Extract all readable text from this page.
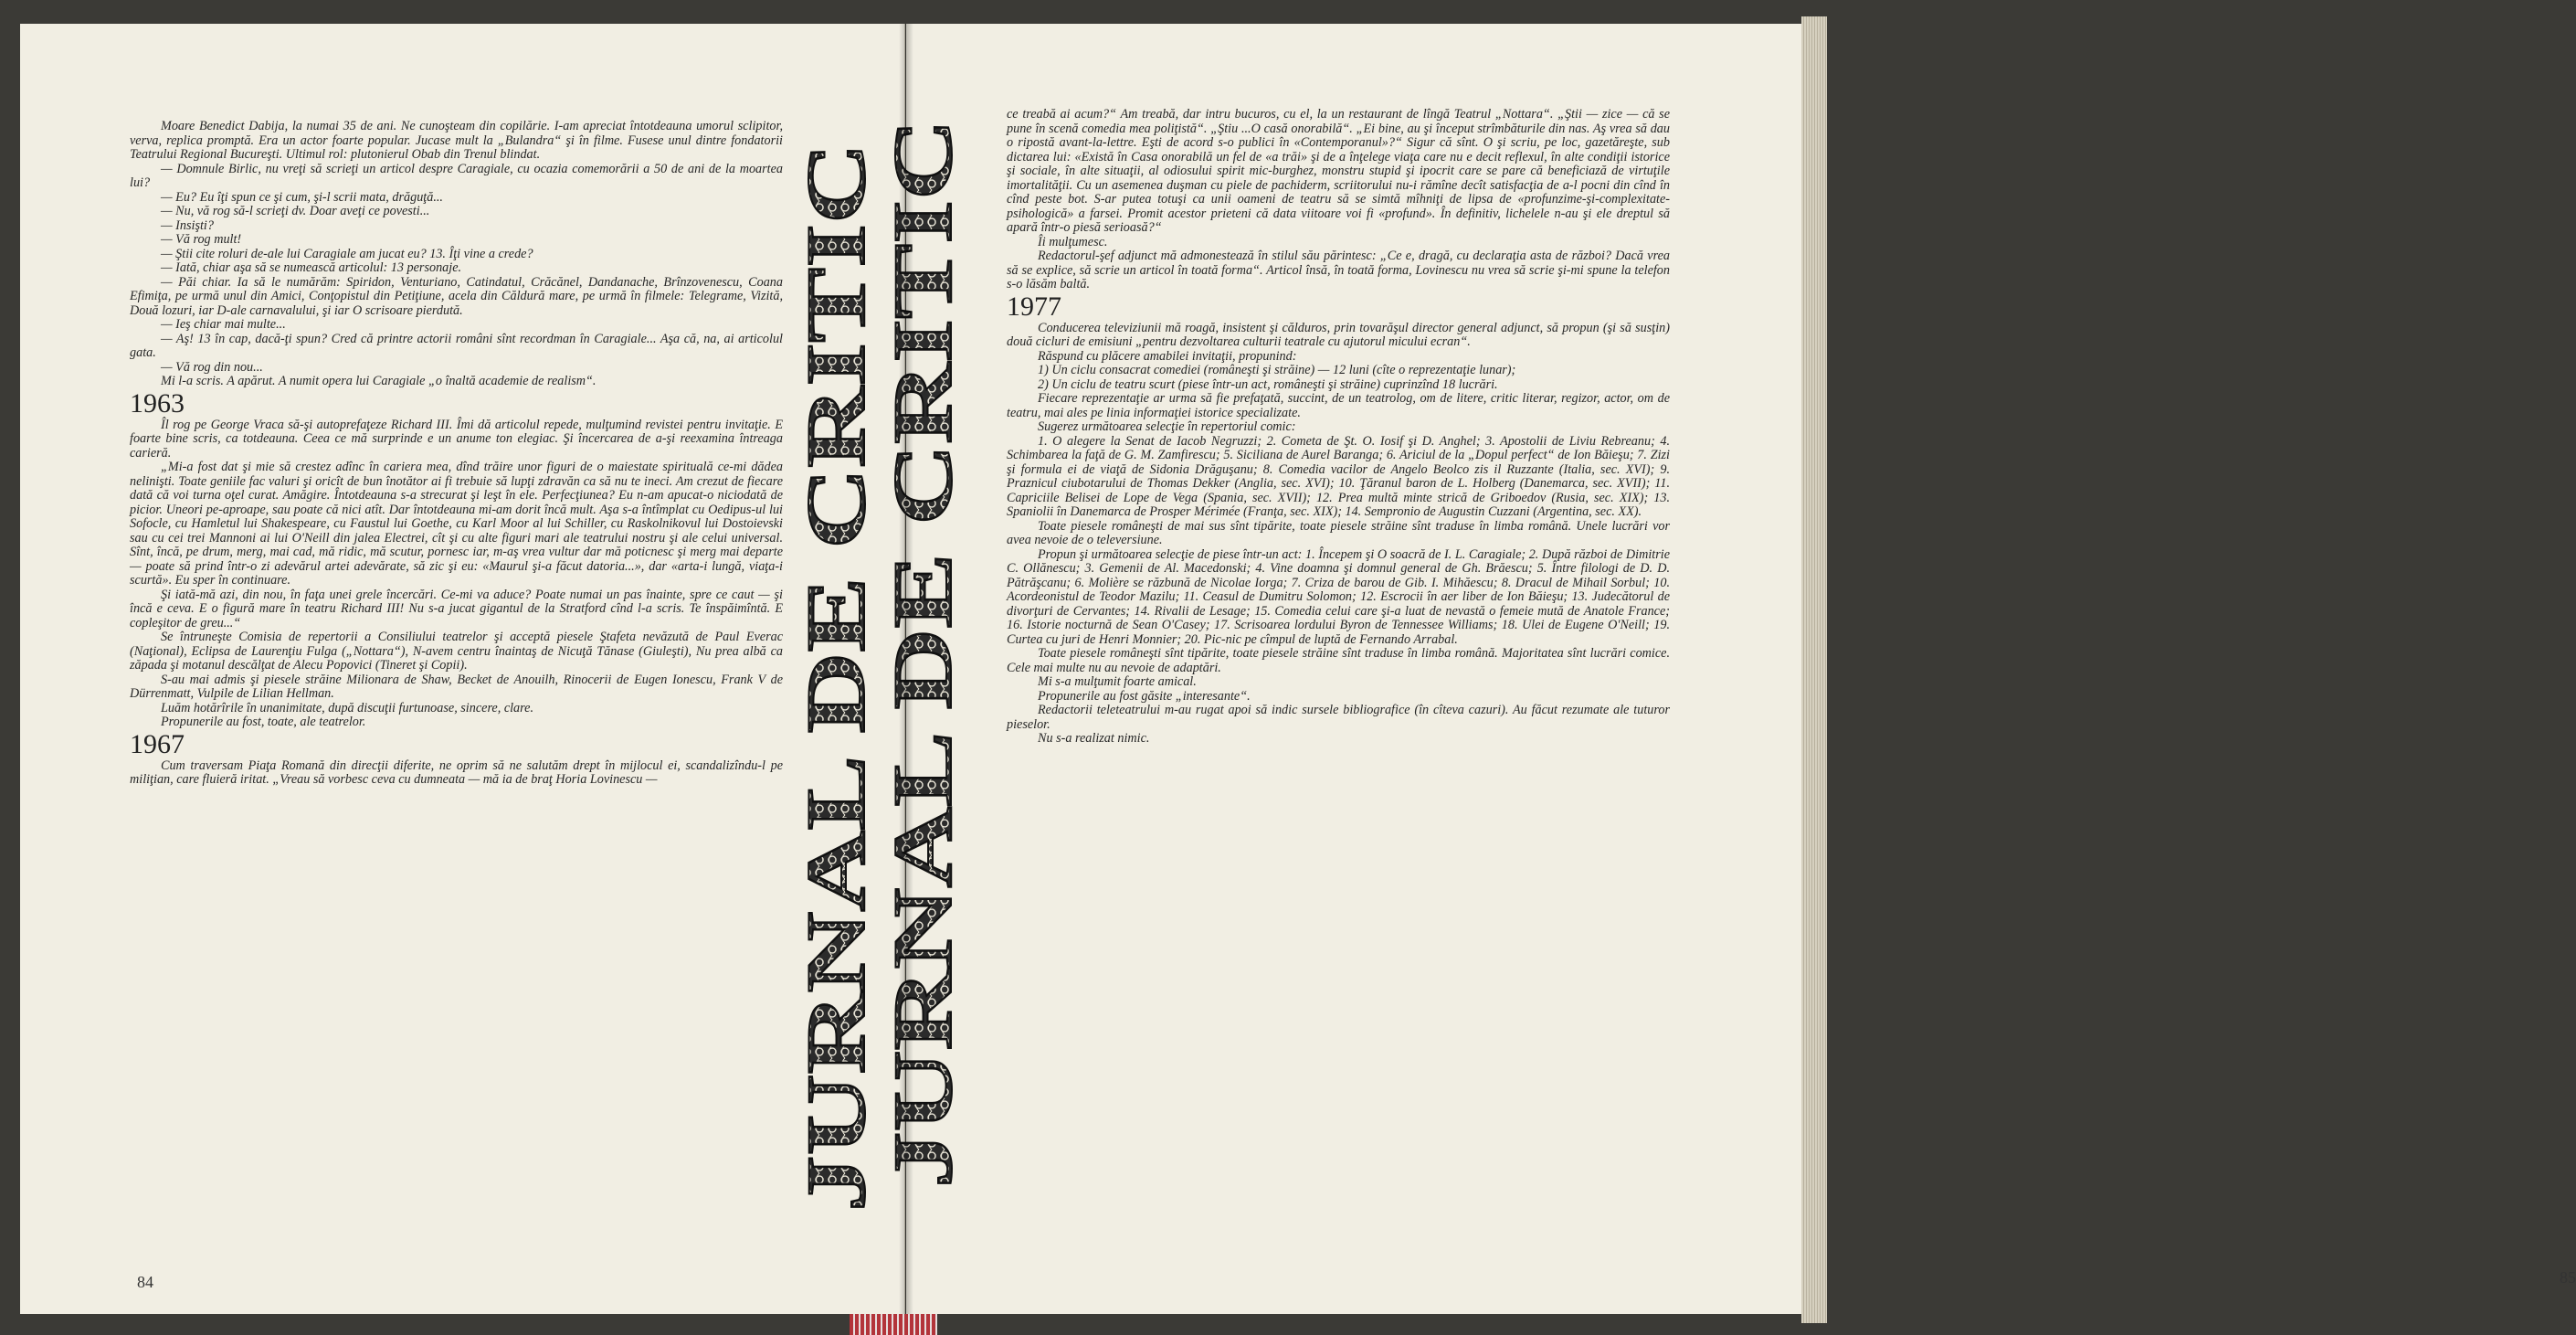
Moare Benedict Dabija, la numai 35 de ani. Ne cunoşteam din copilărie. I-am apreciat întotdeauna umorul sclipitor, verva, replica promptă. Era un actor foarte popular. Jucase mult la „Bulandra“ şi în filme. Fusese unul dintre fondatorii Teatrului Regional Bucureşti. Ultimul rol: plutonierul Obab din Trenul blindat.

— Domnule Birlic, nu vreţi să scrieţi un articol despre Caragiale, cu ocazia comemorării a 50 de ani de la moartea lui?

— Eu? Eu îţi spun ce şi cum, şi-l scrii mata, drăguţă...

— Nu, vă rog să-l scrieţi dv. Doar aveţi ce povesti...

— Insişti?

— Vă rog mult!

— Ştii cite roluri de-ale lui Caragiale am jucat eu? 13. Îţi vine a crede?

— Iată, chiar aşa să se numească articolul: 13 personaje.

— Păi chiar. Ia să le numărăm: Spiridon, Venturiano, Catindatul, Crăcănel, Dandanache, Brînzovenescu, Coana Efimiţa, pe urmă unul din Amici, Conţopistul din Petiţiune, acela din Căldură mare, pe urmă în filmele: Telegrame, Vizită, Două lozuri, iar D-ale carnavalului, şi iar O scrisoare pierdută.

— Ieş chiar mai multe...

— Aş! 13 în cap, dacă-ţi spun? Cred că printre actorii români sînt recordman în Caragiale... Aşa că, na, ai articolul gata.

— Vă rog din nou...

Mi l-a scris. A apărut. A numit opera lui Caragiale „o înaltă academie de realism“.

1963

Îl rog pe George Vraca să-şi autoprefaţeze Richard III. Îmi dă articolul repede, mulţumind revistei pentru invitaţie. E foarte bine scris, ca totdeauna. Ceea ce mă surprinde e un anume ton elegiac. Şi încercarea de a-şi reexamina întreaga carieră.

„Mi-a fost dat şi mie să crestez adînc în cariera mea, dînd trăire unor figuri de o maiestate spirituală ce-mi dădea nelinişti. Toate geniile fac valuri şi oricît de bun înotător ai fi trebuie să lupţi zdravăn ca să nu te ineci. Am crezut de fiecare dată că voi turna oţel curat. Amăgire. Întotdeauna s-a strecurat şi leşt în ele. Perfecţiunea? Eu n-am apucat-o niciodată de picior. Uneori pe-aproape, sau poate că nici atît. Dar întotdeauna mi-am dorit încă mult. Aşa s-a întîmplat cu Oedipus-ul lui Sofocle, cu Hamletul lui Shakespeare, cu Faustul lui Goethe, cu Karl Moor al lui Schiller, cu Raskolnikovul lui Dostoievski sau cu cei trei Mannoni ai lui O'Neill din jalea Electrei, cît şi cu alte figuri mari ale teatrului nostru şi ale celui universal. Sînt, încă, pe drum, merg, mai cad, mă ridic, mă scutur, pornesc iar, m-aş vrea vultur dar mă poticnesc şi merg mai departe — poate să prind într-o zi adevărul artei adevărate, să zic şi eu: «Maurul şi-a făcut datoria...», dar «arta-i lungă, viaţa-i scurtă». Eu sper în continuare.

Şi iată-mă azi, din nou, în faţa unei grele încercări. Ce-mi va aduce? Poate numai un pas înainte, spre ce caut — şi încă e ceva. E o figură mare în teatru Richard III! Nu s-a jucat gigantul de la Stratford cînd l-a scris. Te înspăimîntă. E copleşitor de greu...“

Se întruneşte Comisia de repertorii a Consiliului teatrelor şi acceptă piesele Ştafeta nevăzută de Paul Everac (Naţional), Eclipsa de Laurenţiu Fulga („Nottara“), N-avem centru înaintaş de Nicuţă Tănase (Giuleşti), Nu prea albă ca zăpada şi motanul descălţat de Alecu Popovici (Tineret şi Copii).

S-au mai admis şi piesele străine Milionara de Shaw, Becket de Anouilh, Rinocerii de Eugen Ionescu, Frank V de Dürrenmatt, Vulpile de Lilian Hellman.

Luăm hotărîrile în unanimitate, după discuţii furtunoase, sincere, clare.

Propunerile au fost, toate, ale teatrelor.

1967

Cum traversam Piaţa Romană din direcţii diferite, ne oprim să ne salutăm drept în mijlocul ei, scandalizîndu-l pe miliţian, care fluieră iritat. „Vreau să vorbesc ceva cu dumneata — mă ia de braţ Horia Lovinescu —

84
JURNAL DE CRITIC

ce treabă ai acum?“ Am treabă, dar intru bucuros, cu el, la un restaurant de lîngă Teatrul „Nottara“. „Ştii — zice — că se pune în scenă comedia mea poliţistă“. „Ştiu ...O casă onorabilă“. „Ei bine, au şi început strîmbăturile din nas. Aş vrea să dau o ripostă avant-la-lettre. Eşti de acord s-o publici în «Contemporanul»?“ Sigur că sînt. O şi scriu, pe loc, gazetăreşte, sub dictarea lui: «Există în Casa onorabilă un fel de «a trăi» şi de a înţelege viaţa care nu e decit reflexul, în alte condiţii istorice şi sociale, în alte situaţii, al odiosului spirit mic-burghez, monstru stupid şi ipocrit care se pare că beneficiază de virtuţile imortalităţii. Cu un asemenea duşman cu piele de pachiderm, scriitorului nu-i rămîne decît satisfacţia de a-l pocni din cînd în cînd peste bot. S-ar putea totuşi ca unii oameni de teatru să se simtă mîhniţi de lipsa de «profunzime-şi-complexitate-psihologică» a farsei. Promit acestor prieteni că data viitoare voi fi «profund». În definitiv, lichelele n-au şi ele dreptul să apară într-o piesă serioasă?“

Îi mulţumesc.

Redactorul-şef adjunct mă admonestează în stilul său părintesc: „Ce e, dragă, cu declaraţia asta de război? Dacă vrea să se explice, să scrie un articol în toată forma“. Articol însă, în toată forma, Lovinescu nu vrea să scrie şi-mi spune la telefon s-o lăsăm baltă.

1977

Conducerea televiziunii mă roagă, insistent şi călduros, prin tovarăşul director general adjunct, să propun (şi să susţin) două cicluri de emisiuni „pentru dezvoltarea culturii teatrale cu ajutorul micului ecran“.

Răspund cu plăcere amabilei invitaţii, propunind:

1) Un ciclu consacrat comediei (româneşti şi străine) — 12 luni (cîte o reprezentaţie lunar);

2) Un ciclu de teatru scurt (piese într-un act, româneşti şi străine) cuprinzînd 18 lucrări.

Fiecare reprezentaţie ar urma să fie prefaţată, succint, de un teatrolog, om de litere, critic literar, regizor, actor, om de teatru, mai ales pe linia informaţiei istorice specializate.

Sugerez următoarea selecţie în repertoriul comic:

1. O alegere la Senat de Iacob Negruzzi; 2. Cometa de Şt. O. Iosif şi D. Anghel; 3. Apostolii de Liviu Rebreanu; 4. Schimbarea la faţă de G. M. Zamfirescu; 5. Siciliana de Aurel Baranga; 6. Ariciul de la „Dopul perfect“ de Ion Băieşu; 7. Zizi şi formula ei de viaţă de Sidonia Drăguşanu; 8. Comedia vacilor de Angelo Beolco zis il Ruzzante (Italia, sec. XVI); 9. Praznicul ciubotarului de Thomas Dekker (Anglia, sec. XVI); 10. Ţăranul baron de L. Holberg (Danemarca, sec. XVII); 11. Capriciile Belisei de Lope de Vega (Spania, sec. XVII); 12. Prea multă minte strică de Griboedov (Rusia, sec. XIX); 13. Spaniolii în Danemarca de Prosper Mérimée (Franţa, sec. XIX); 14. Sempronio de Augustin Cuzzani (Argentina, sec. XX).

Toate piesele româneşti de mai sus sînt tipărite, toate piesele străine sînt traduse în limba română. Unele lucrări vor avea nevoie de o televersiune.

Propun şi următoarea selecţie de piese într-un act: 1. Începem şi O soacră de I. L. Caragiale; 2. După război de Dimitrie C. Ollănescu; 3. Gemenii de Al. Macedonski; 4. Vine doamna şi domnul general de Gh. Brăescu; 5. Între filologi de D. D. Pătrăşcanu; 6. Molière se răzbună de Nicolae Iorga; 7. Criza de barou de Gib. I. Mihăescu; 8. Dracul de Mihail Sorbul; 10. Acordeonistul de Teodor Mazilu; 11. Ceasul de Dumitru Solomon; 12. Escrocii în aer liber de Ion Băieşu; 13. Judecătorul de divorţuri de Cervantes; 14. Rivalii de Lesage; 15. Comedia celui care şi-a luat de nevastă o femeie mută de Anatole France; 16. Istorie nocturnă de Sean O'Casey; 17. Scrisoarea lordului Byron de Tennessee Williams; 18. Ulei de Eugene O'Neill; 19. Curtea cu juri de Henri Monnier; 20. Pic-nic pe cîmpul de luptă de Fernando Arrabal.

Toate piesele româneşti sînt tipărite, toate piesele străine sînt traduse în limba română. Majoritatea sînt lucrări comice. Cele mai multe nu au nevoie de adaptări.

Mi s-a mulţumit foarte amical.

Propunerile au fost găsite „interesante“.

Redactorii teleteatrului m-au rugat apoi să indic sursele bibliografice (în cîteva cazuri). Au făcut rezumate ale tuturor pieselor.

Nu s-a realizat nimic.

85
JURNAL DE CRITIC
